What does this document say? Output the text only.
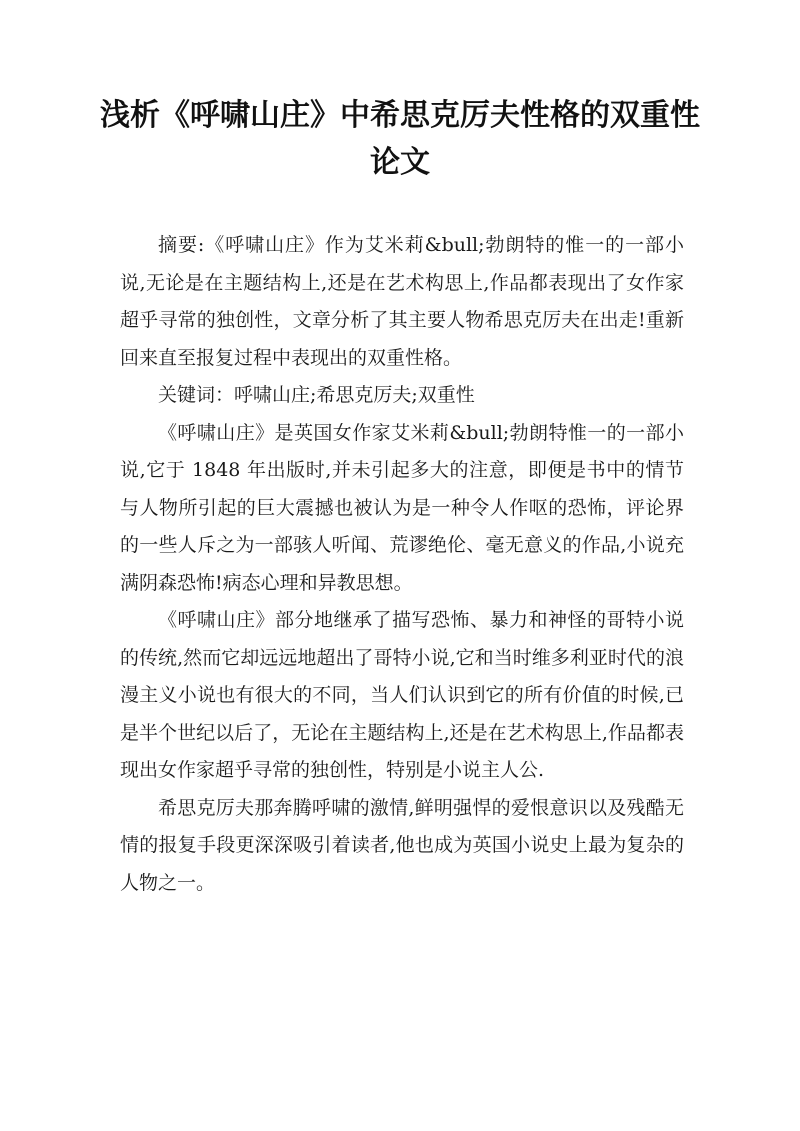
浅析《呼啸山庄》中希思克厉夫性格的双重性论文

摘要:《呼啸山庄》作为艾米莉&bull;勃朗特的惟一的一部小说,无论是在主题结构上,还是在艺术构思上,作品都表现出了女作家超乎寻常的独创性，文章分析了其主要人物希思克厉夫在出走!重新回来直至报复过程中表现出的双重性格。

关键词：呼啸山庄;希思克厉夫;双重性

《呼啸山庄》是英国女作家艾米莉&bull;勃朗特惟一的一部小说,它于 1848 年出版时,并未引起多大的注意，即便是书中的情节与人物所引起的巨大震撼也被认为是一种令人作呕的恐怖，评论界的一些人斥之为一部骇人听闻、荒谬绝伦、毫无意义的作品,小说充满阴森恐怖!病态心理和异教思想。

《呼啸山庄》部分地继承了描写恐怖、暴力和神怪的哥特小说的传统,然而它却远远地超出了哥特小说,它和当时维多利亚时代的浪漫主义小说也有很大的不同，当人们认识到它的所有价值的时候,已是半个世纪以后了，无论在主题结构上,还是在艺术构思上,作品都表现出女作家超乎寻常的独创性，特别是小说主人公.

希思克厉夫那奔腾呼啸的激情,鲜明强悍的爱恨意识以及残酷无情的报复手段更深深吸引着读者,他也成为英国小说史上最为复杂的人物之一。
